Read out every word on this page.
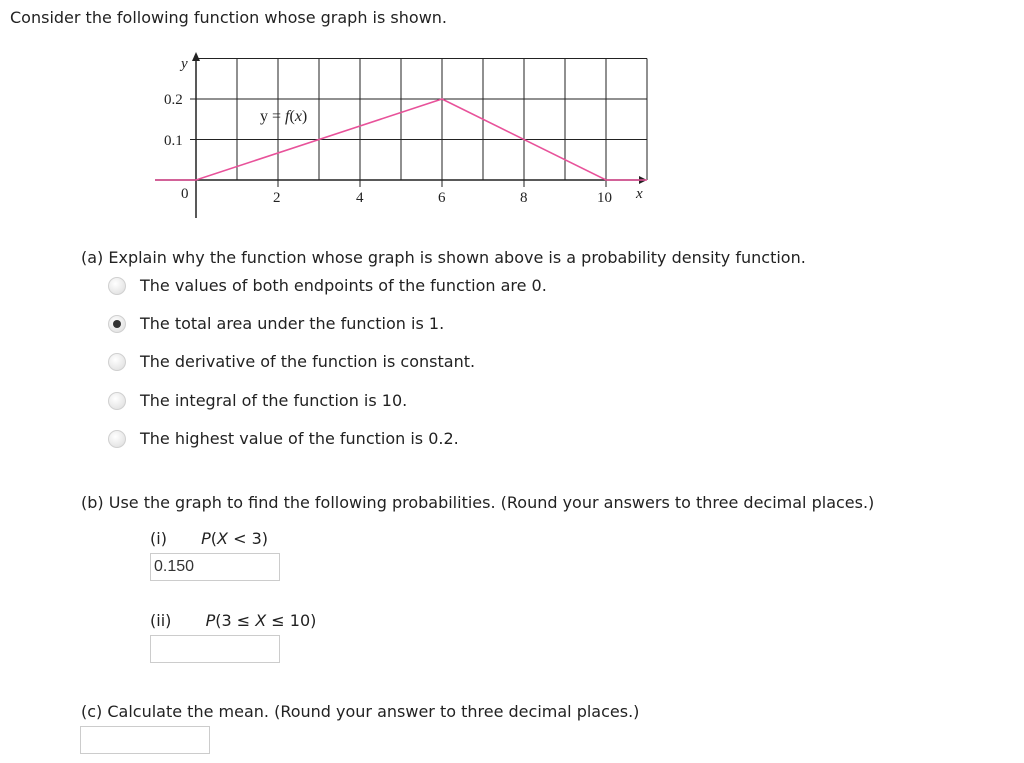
Consider the following function whose graph is shown.
y
0.2
0.1
0	2	4	6	8	10 x
y = f(x)
(a) Explain why the function whose graph is shown above is a probability density function.
The values of both endpoints of the function are 0.
The total area under the function is 1.
The derivative of the function is constant.
The integral of the function is 10.
The highest value of the function is 0.2.
(b) Use the graph to find the following probabilities. (Round your answers to three decimal places.)
(i) P(X < 3)
0.150
(ii) P(3 ≤ X ≤ 10)
(c) Calculate the mean. (Round your answer to three decimal places.)
